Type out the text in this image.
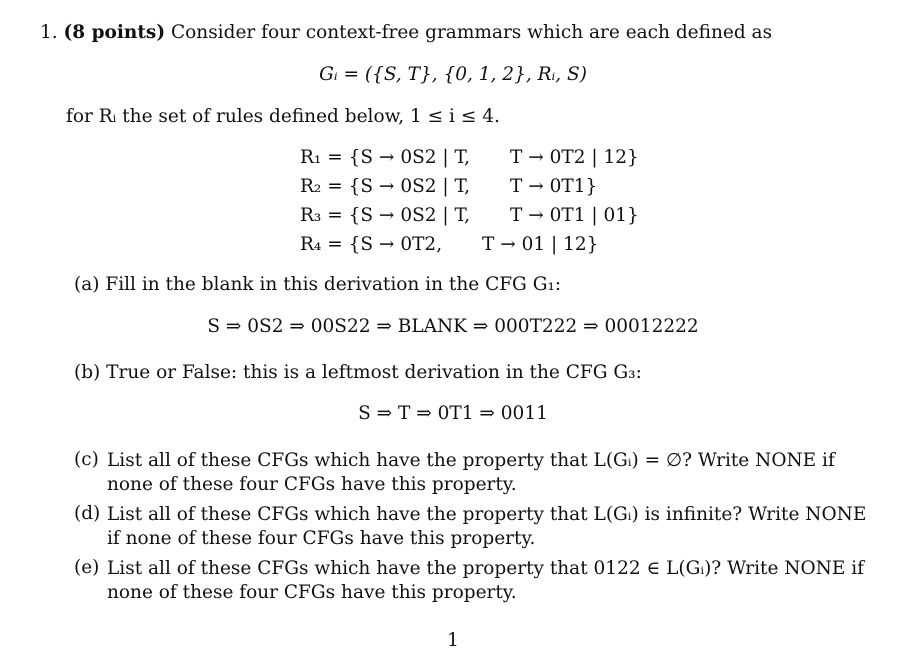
1. (8 points) Consider four context-free grammars which are each defined as
Gᵢ = ({S, T}, {0, 1, 2}, Rᵢ, S)
for Rᵢ the set of rules defined below, 1 ≤ i ≤ 4.
R₁ = {S → 0S2 | T, T → 0T2 | 12}
R₂ = {S → 0S2 | T, T → 0T1}
R₃ = {S → 0S2 | T, T → 0T1 | 01}
R₄ = {S → 0T2, T → 01 | 12}
(a) Fill in the blank in this derivation in the CFG G₁:
S ⇒ 0S2 ⇒ 00S22 ⇒ BLANK ⇒ 000T222 ⇒ 00012222
(b) True or False: this is a leftmost derivation in the CFG G₃:
S ⇒ T ⇒ 0T1 ⇒ 0011
(c) List all of these CFGs which have the property that L(Gᵢ) = ∅? Write NONE if none of these four CFGs have this property.
(d) List all of these CFGs which have the property that L(Gᵢ) is infinite? Write NONE if none of these four CFGs have this property.
(e) List all of these CFGs which have the property that 0122 ∈ L(Gᵢ)? Write NONE if none of these four CFGs have this property.
1
